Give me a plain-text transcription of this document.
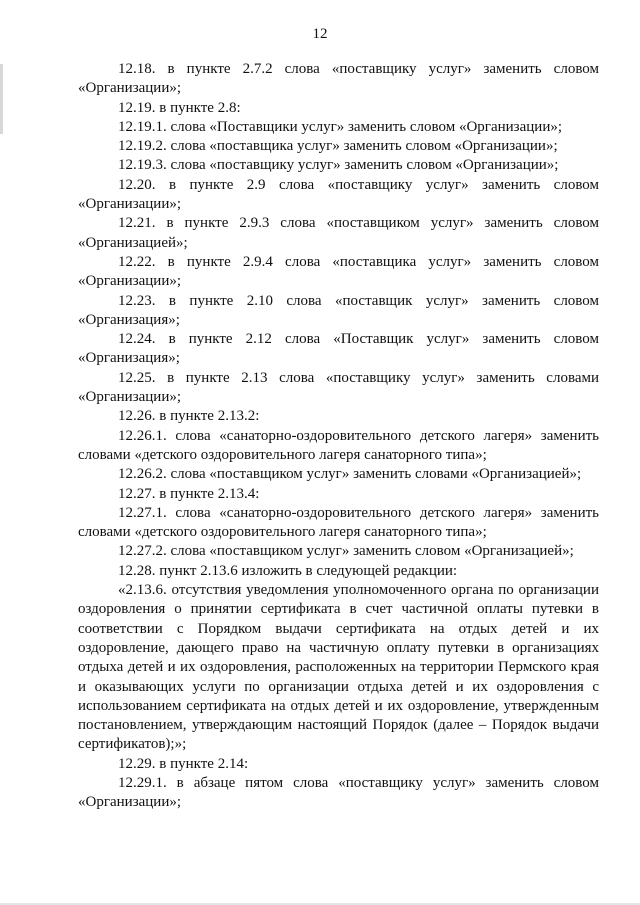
12

12.18. в пункте 2.7.2 слова «поставщику услуг» заменить словом «Организации»;

12.19. в пункте 2.8:

12.19.1. слова «Поставщики услуг» заменить словом «Организации»;

12.19.2. слова «поставщика услуг» заменить словом «Организации»;

12.19.3. слова «поставщику услуг» заменить словом «Организации»;

12.20. в пункте 2.9 слова «поставщику услуг» заменить словом «Организации»;

12.21. в пункте 2.9.3 слова «поставщиком услуг» заменить словом «Организацией»;

12.22. в пункте 2.9.4 слова «поставщика услуг» заменить словом «Организации»;

12.23. в пункте 2.10 слова «поставщик услуг» заменить словом «Организация»;

12.24. в пункте 2.12 слова «Поставщик услуг» заменить словом «Организация»;

12.25. в пункте 2.13 слова «поставщику услуг» заменить словами «Организации»;

12.26. в пункте 2.13.2:

12.26.1. слова «санаторно-оздоровительного детского лагеря» заменить словами «детского оздоровительного лагеря санаторного типа»;

12.26.2. слова «поставщиком услуг» заменить словами «Организацией»;

12.27. в пункте 2.13.4:

12.27.1. слова «санаторно-оздоровительного детского лагеря» заменить словами «детского оздоровительного лагеря санаторного типа»;

12.27.2. слова «поставщиком услуг» заменить словом «Организацией»;

12.28. пункт 2.13.6 изложить в следующей редакции:

«2.13.6. отсутствия уведомления уполномоченного органа по организации оздоровления о принятии сертификата в счет частичной оплаты путевки в соответствии с Порядком выдачи сертификата на отдых детей и их оздоровление, дающего право на частичную оплату путевки в организациях отдыха детей и их оздоровления, расположенных на территории Пермского края и оказывающих услуги по организации отдыха детей и их оздоровления с использованием сертификата на отдых детей и их оздоровление, утвержденным постановлением, утверждающим настоящий Порядок (далее – Порядок выдачи сертификатов);»;

12.29. в пункте 2.14:

12.29.1. в абзаце пятом слова «поставщику услуг» заменить словом «Организации»;
